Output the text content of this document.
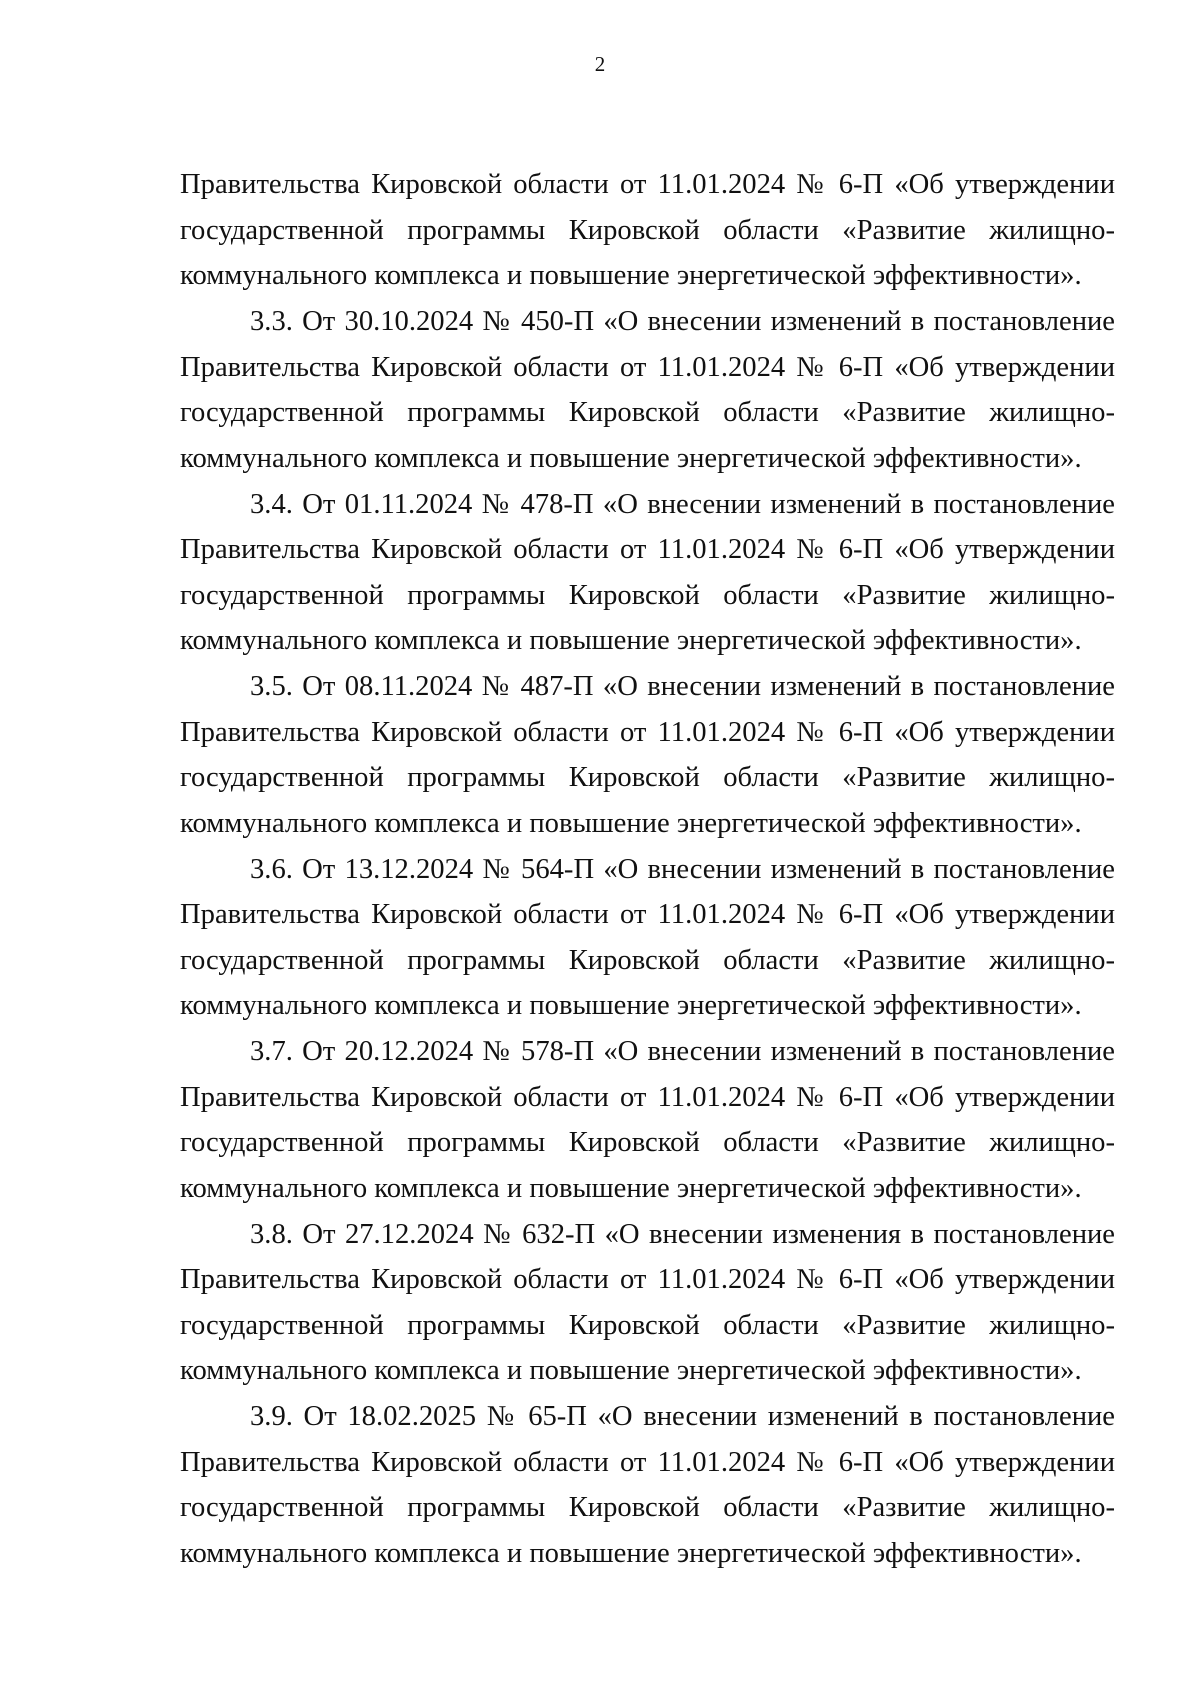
2
Правительства Кировской области от 11.01.2024 № 6-П «Об утверждении
государственной программы Кировской области «Развитие жилищно-
коммунального комплекса и повышение энергетической эффективности».
3.3. От 30.10.2024 № 450-П «О внесении изменений в постановление
Правительства Кировской области от 11.01.2024 № 6-П «Об утверждении
государственной программы Кировской области «Развитие жилищно-
коммунального комплекса и повышение энергетической эффективности».
3.4. От 01.11.2024 № 478-П «О внесении изменений в постановление
Правительства Кировской области от 11.01.2024 № 6-П «Об утверждении
государственной программы Кировской области «Развитие жилищно-
коммунального комплекса и повышение энергетической эффективности».
3.5. От 08.11.2024 № 487-П «О внесении изменений в постановление
Правительства Кировской области от 11.01.2024 № 6-П «Об утверждении
государственной программы Кировской области «Развитие жилищно-
коммунального комплекса и повышение энергетической эффективности».
3.6. От 13.12.2024 № 564-П «О внесении изменений в постановление
Правительства Кировской области от 11.01.2024 № 6-П «Об утверждении
государственной программы Кировской области «Развитие жилищно-
коммунального комплекса и повышение энергетической эффективности».
3.7. От 20.12.2024 № 578-П «О внесении изменений в постановление
Правительства Кировской области от 11.01.2024 № 6-П «Об утверждении
государственной программы Кировской области «Развитие жилищно-
коммунального комплекса и повышение энергетической эффективности».
3.8. От 27.12.2024 № 632-П «О внесении изменения в постановление
Правительства Кировской области от 11.01.2024 № 6-П «Об утверждении
государственной программы Кировской области «Развитие жилищно-
коммунального комплекса и повышение энергетической эффективности».
3.9. От 18.02.2025 № 65-П «О внесении изменений в постановление
Правительства Кировской области от 11.01.2024 № 6-П «Об утверждении
государственной программы Кировской области «Развитие жилищно-
коммунального комплекса и повышение энергетической эффективности».
